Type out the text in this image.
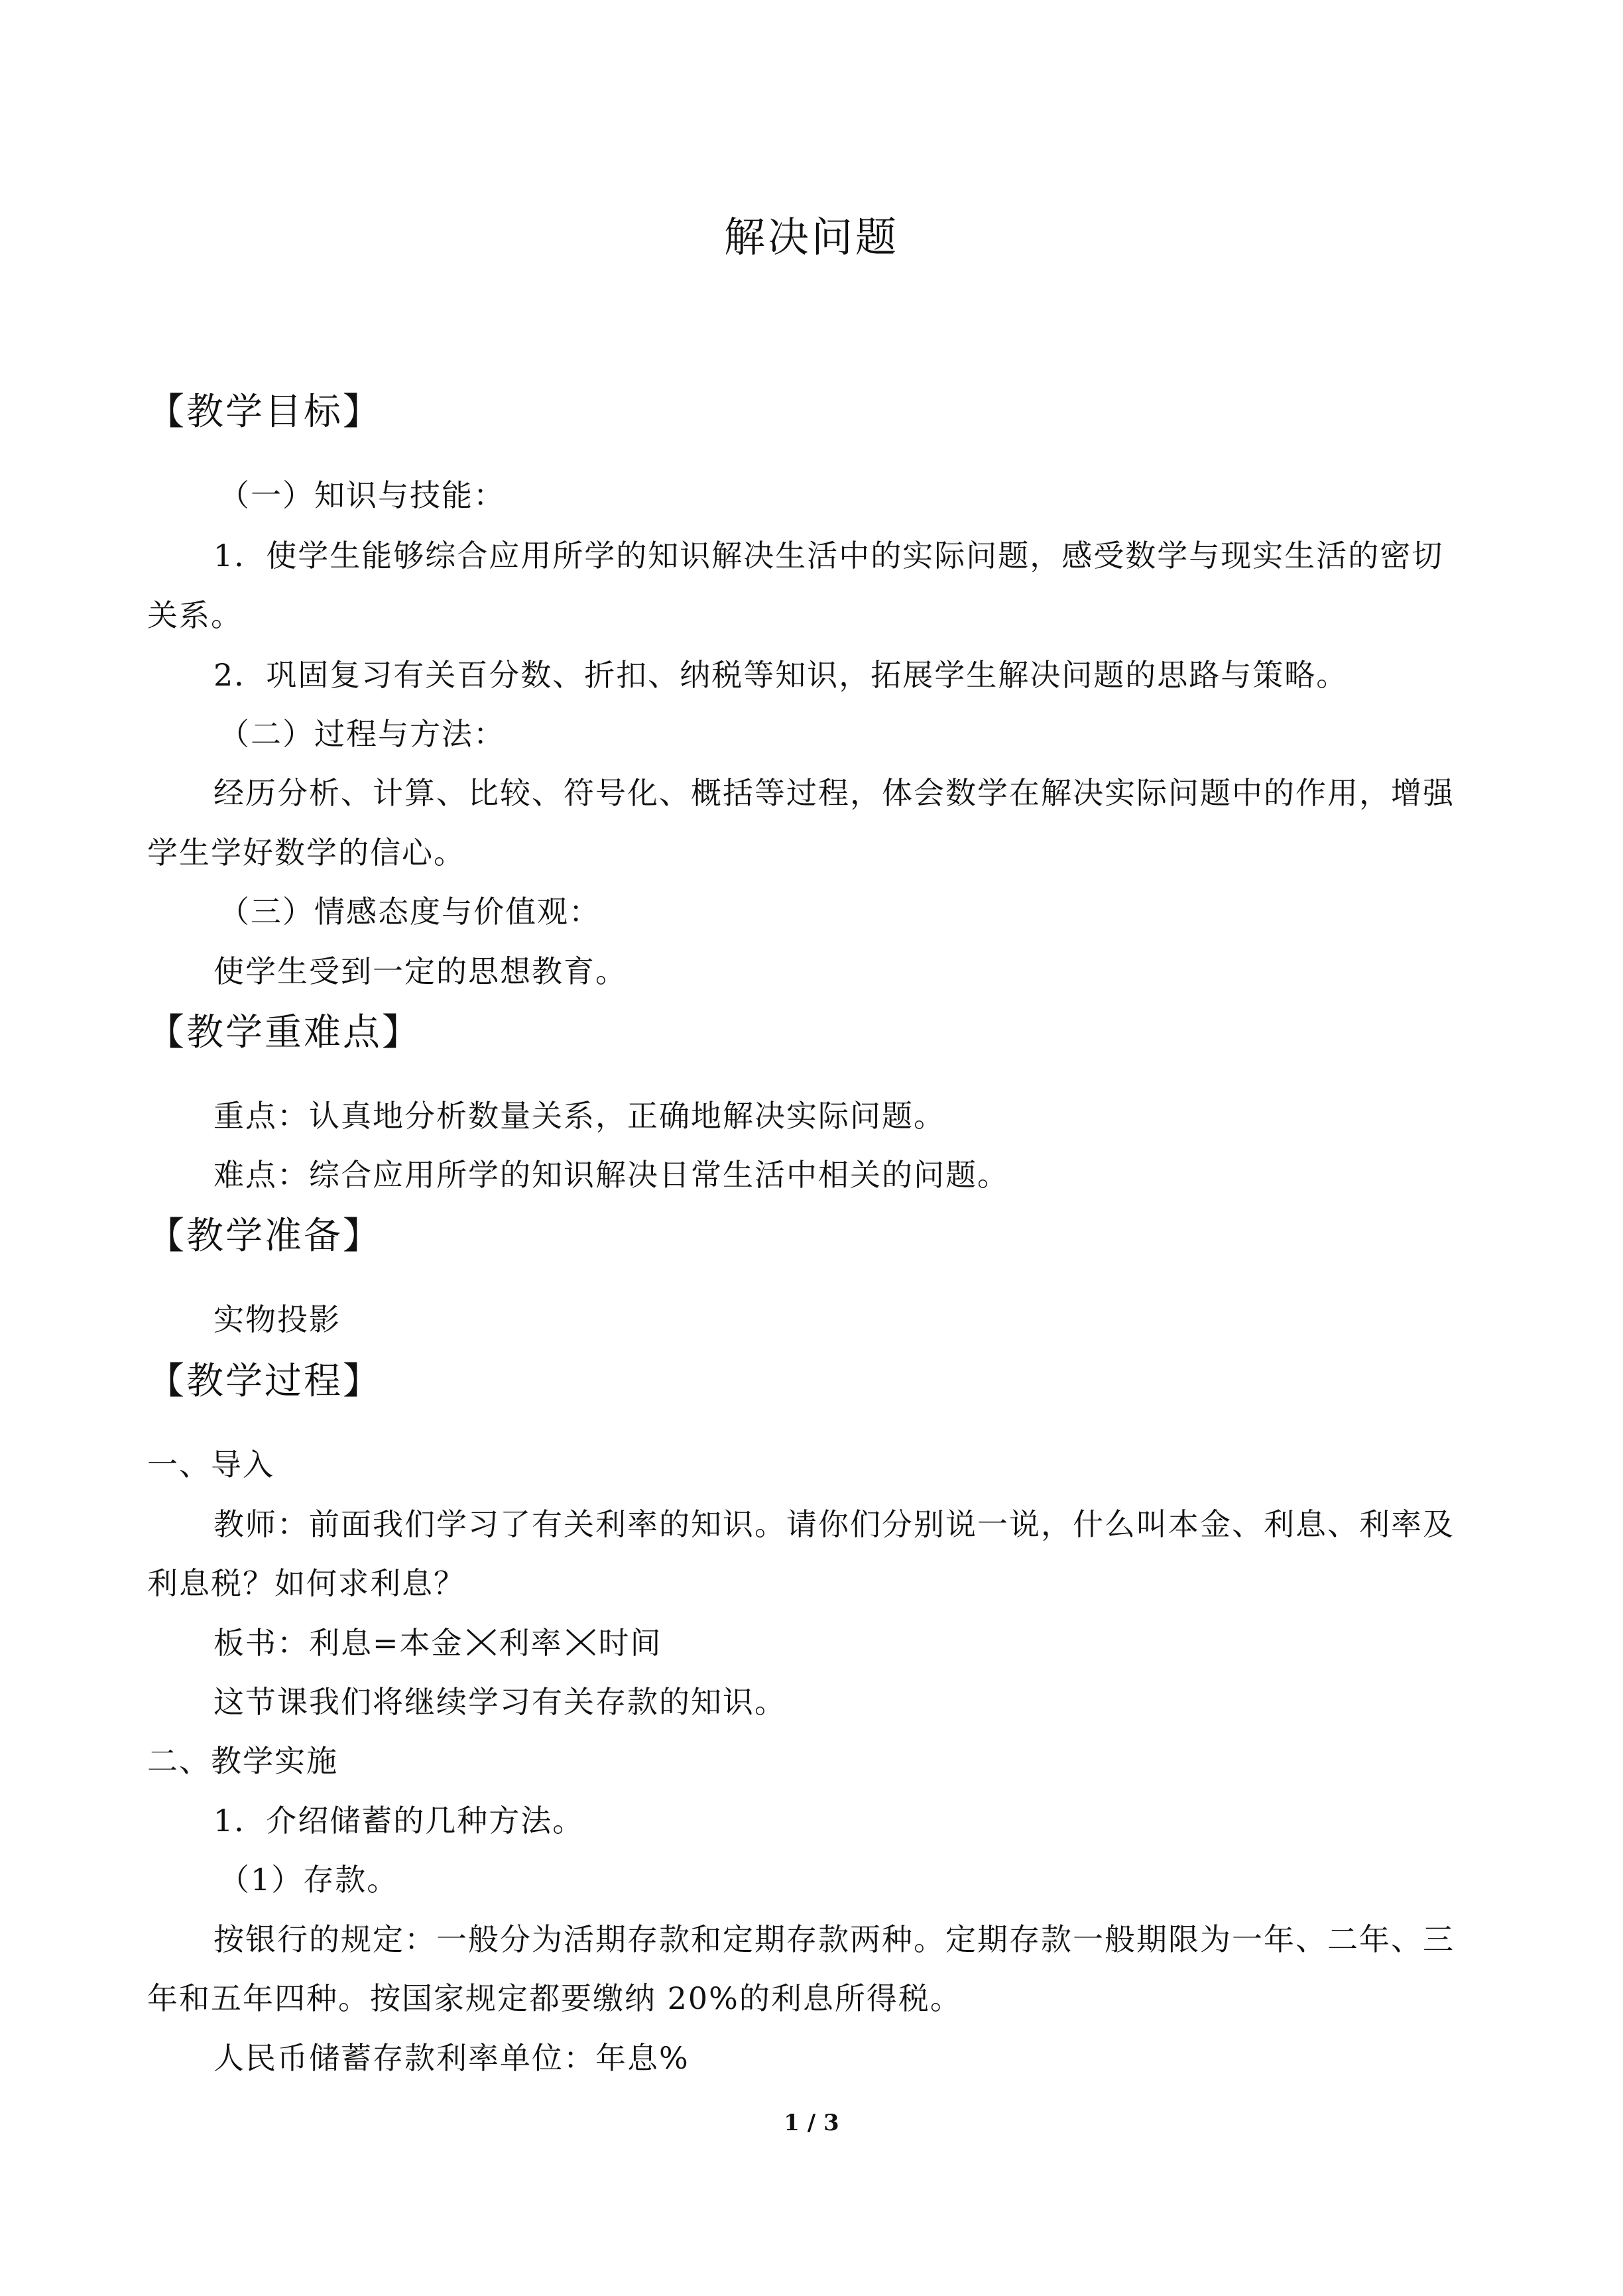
解决问题
【教学目标】
（一）知识与技能：
1．使学生能够综合应用所学的知识解决生活中的实际问题，感受数学与现实生活的密切
关系。
2．巩固复习有关百分数、折扣、纳税等知识，拓展学生解决问题的思路与策略。
（二）过程与方法：
经历分析、计算、比较、符号化、概括等过程，体会数学在解决实际问题中的作用，增强
学生学好数学的信心。
（三）情感态度与价值观：
使学生受到一定的思想教育。
【教学重难点】
重点：认真地分析数量关系，正确地解决实际问题。
难点：综合应用所学的知识解决日常生活中相关的问题。
【教学准备】
实物投影
【教学过程】
一、导入
教师：前面我们学习了有关利率的知识。请你们分别说一说，什么叫本金、利息、利率及
利息税？如何求利息？
板书：利息=本金 利率 时间
这节课我们将继续学习有关存款的知识。
二、教学实施
1．介绍储蓄的几种方法。
（1）存款。
按银行的规定：一般分为活期存款和定期存款两种。定期存款一般期限为一年、二年、三
年和五年四种。按国家规定都要缴纳 20%的利息所得税。
人民币储蓄存款利率单位：年息%
1 / 3
